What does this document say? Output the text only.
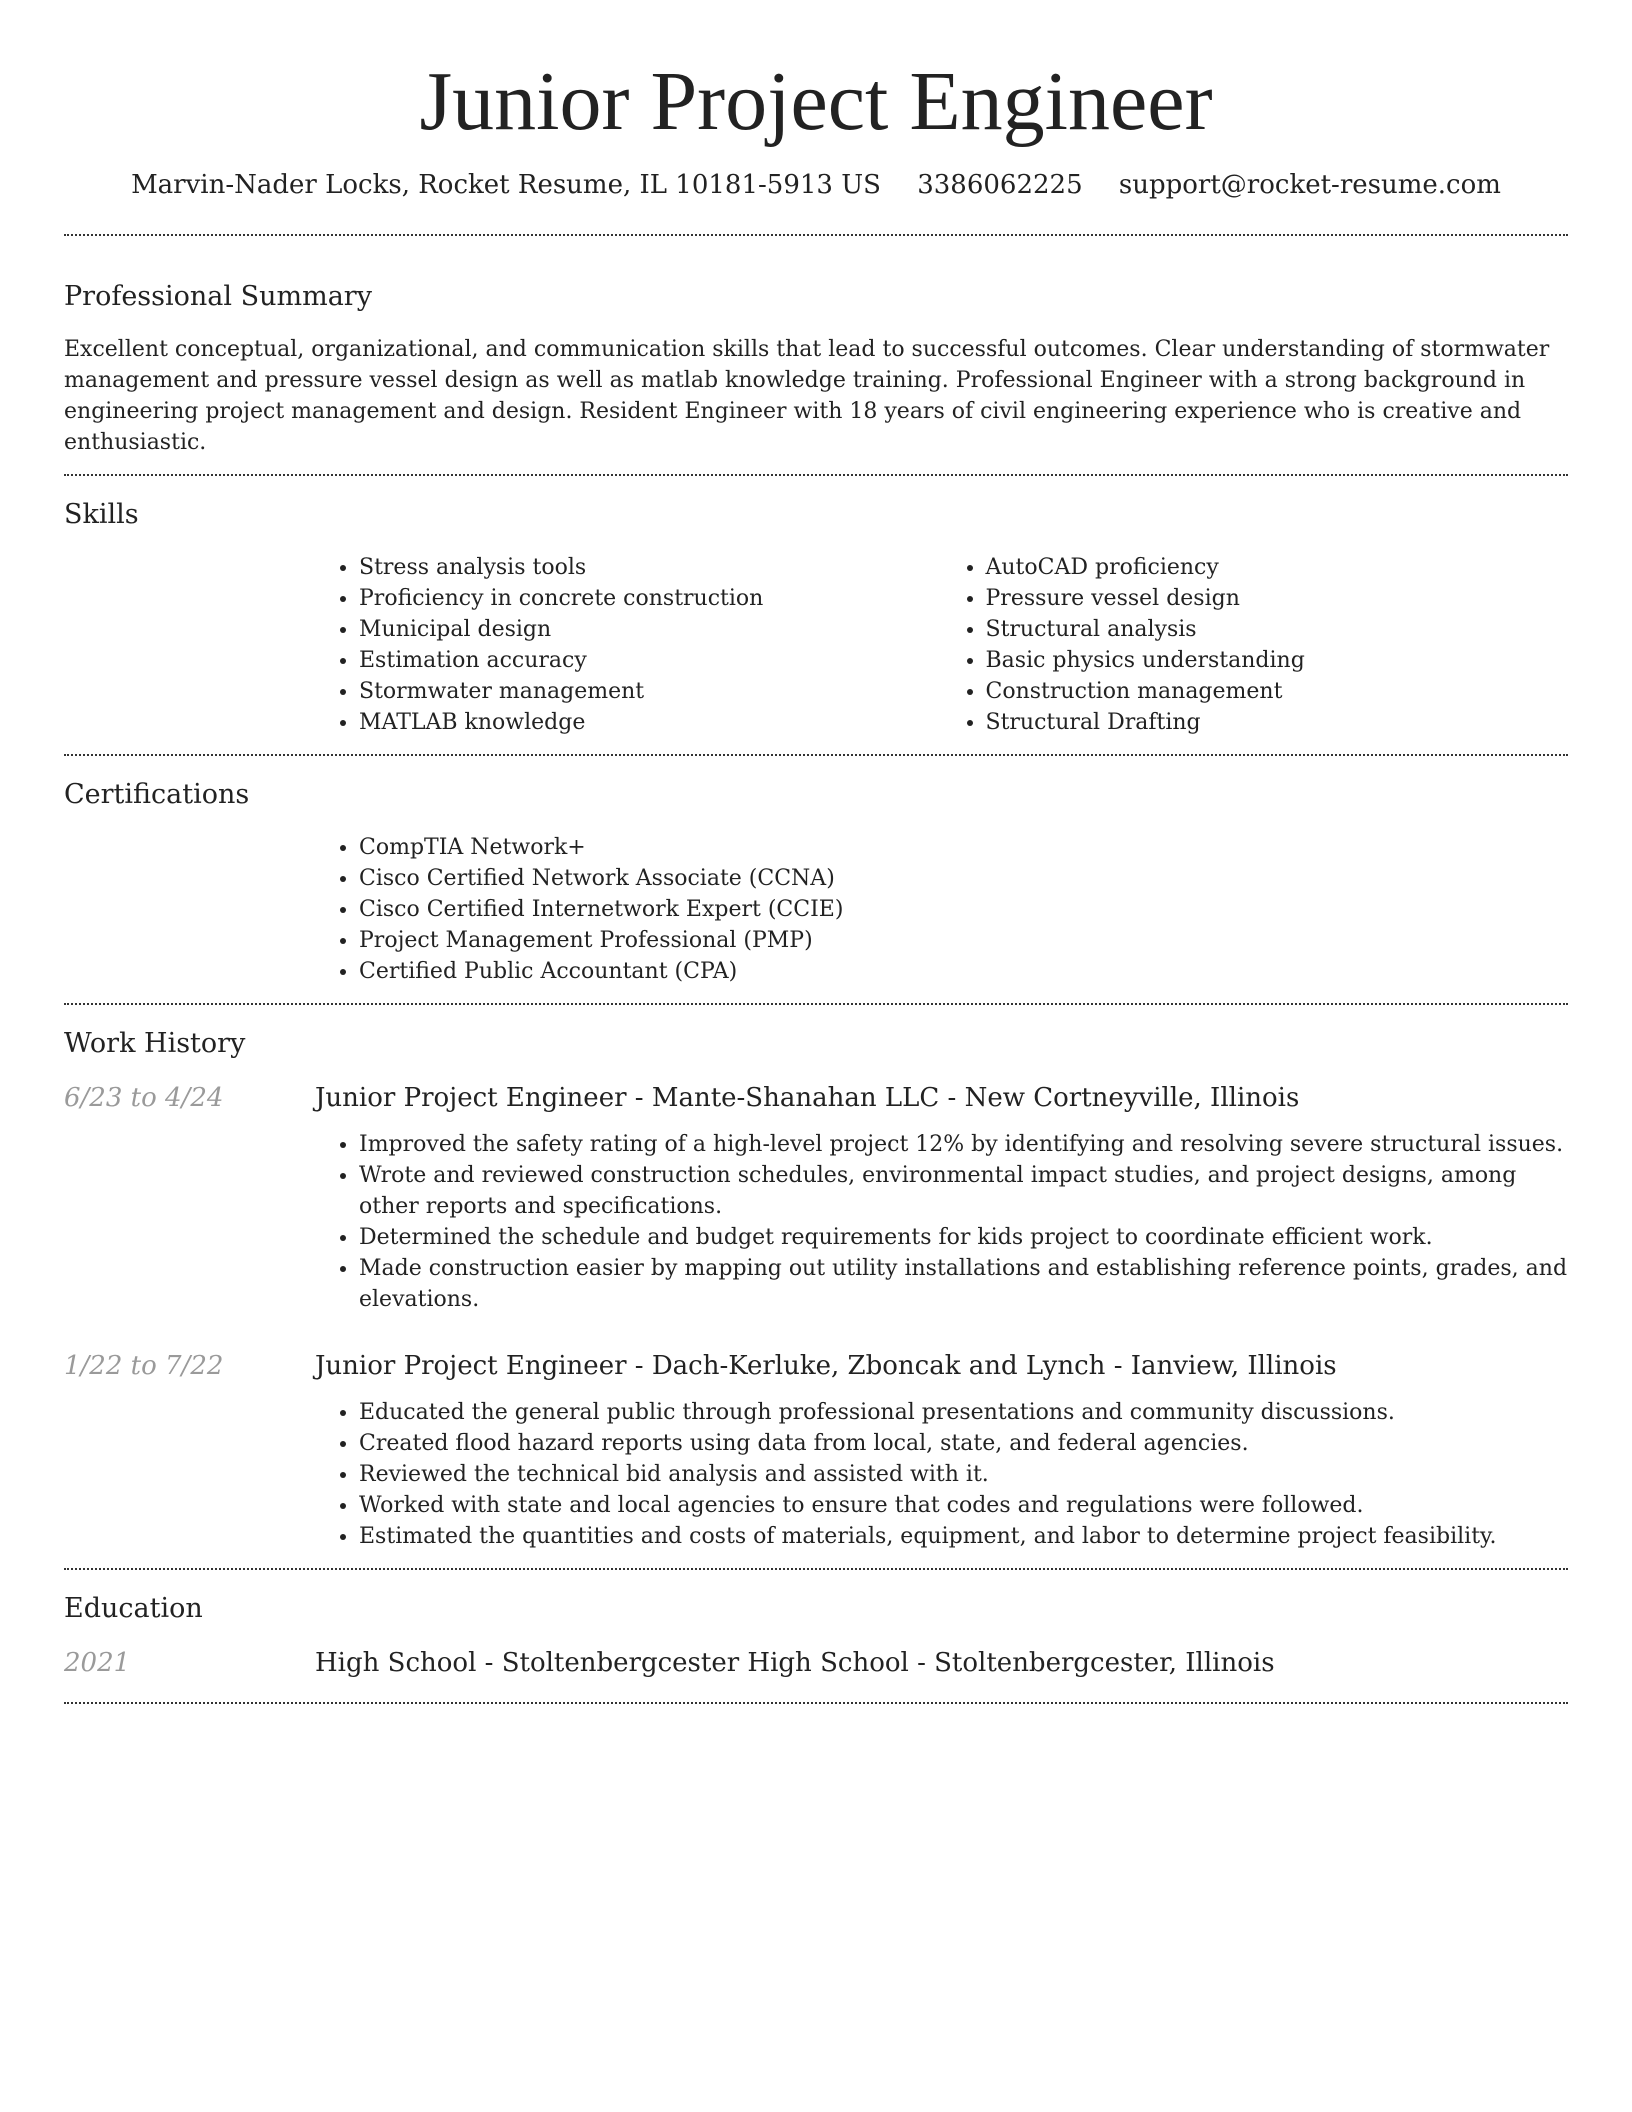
Junior Project Engineer
Marvin-Nader Locks, Rocket Resume, IL 10181-5913 US 3386062225 support@rocket-resume.com
Professional Summary

Excellent conceptual, organizational, and communication skills that lead to successful outcomes. Clear understanding of stormwater management and pressure vessel design as well as matlab knowledge training. Professional Engineer with a strong background in engineering project management and design. Resident Engineer with 18 years of civil engineering experience who is creative and enthusiastic.

Skills
• Stress analysis tools
• Proficiency in concrete construction
• Municipal design
• Estimation accuracy
• Stormwater management
• MATLAB knowledge
• AutoCAD proficiency
• Pressure vessel design
• Structural analysis
• Basic physics understanding
• Construction management
• Structural Drafting
Certifications
• CompTIA Network+
• Cisco Certified Network Associate (CCNA)
• Cisco Certified Internetwork Expert (CCIE)
• Project Management Professional (PMP)
• Certified Public Accountant (CPA)
Work History
6/23 to 4/24	Junior Project Engineer - Mante-Shanahan LLC - New Cortneyville, Illinois
• Improved the safety rating of a high-level project 12% by identifying and resolving severe structural issues.
• Wrote and reviewed construction schedules, environmental impact studies, and project designs, among other reports and specifications.
• Determined the schedule and budget requirements for kids project to coordinate efficient work.
• Made construction easier by mapping out utility installations and establishing reference points, grades, and elevations.
1/22 to 7/22	Junior Project Engineer - Dach-Kerluke, Zboncak and Lynch - Ianview, Illinois
• Educated the general public through professional presentations and community discussions.
• Created flood hazard reports using data from local, state, and federal agencies.
• Reviewed the technical bid analysis and assisted with it.
• Worked with state and local agencies to ensure that codes and regulations were followed.
• Estimated the quantities and costs of materials, equipment, and labor to determine project feasibility.
Education
2021	High School - Stoltenbergcester High School - Stoltenbergcester, Illinois
